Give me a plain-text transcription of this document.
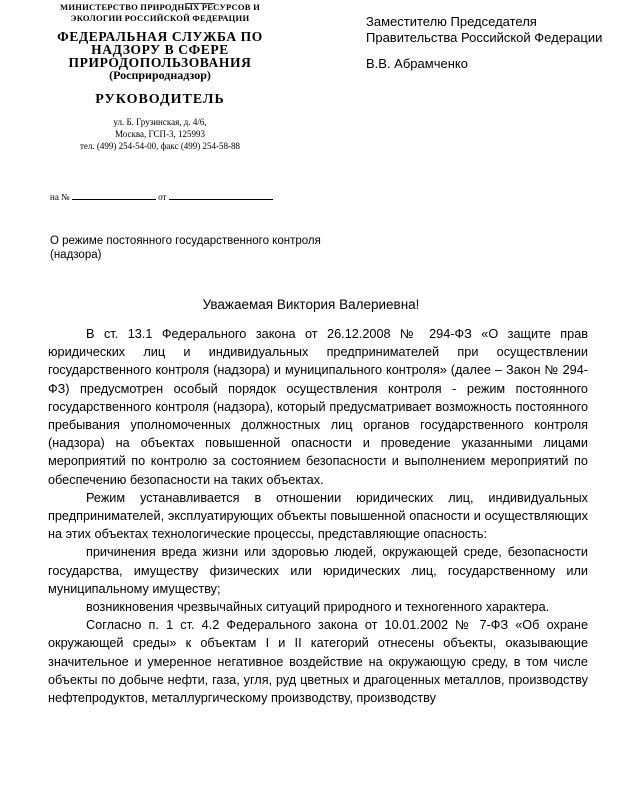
МИНИСТЕРСТВО ПРИРОДНЫХ РЕСУРСОВ И ЭКОЛОГИИ РОССИЙСКОЙ ФЕДЕРАЦИИ
ФЕДЕРАЛЬНАЯ СЛУЖБА ПО НАДЗОРУ В СФЕРЕ ПРИРОДОПОЛЬЗОВАНИЯ
(Росприроднадзор)
РУКОВОДИТЕЛЬ
ул. Б. Грузинская, д. 4/6,
Москва, ГСП-3, 125993
тел. (499) 254-54-00, факс (499) 254-58-88
на №	от
Заместителю Председателя Правительства Российской Федерации
В.В. Абрамченко
О режиме постоянного государственного контроля (надзора)
Уважаемая Виктория Валериевна!

В ст. 13.1 Федерального закона от 26.12.2008 № 294-ФЗ «О защите прав юридических лиц и индивидуальных предпринимателей при осуществлении государственного контроля (надзора) и муниципального контроля» (далее – Закон № 294-ФЗ) предусмотрен особый порядок осуществления контроля - режим постоянного государственного контроля (надзора), который предусматривает возможность постоянного пребывания уполномоченных должностных лиц органов государственного контроля (надзора) на объектах повышенной опасности и проведение указанными лицами мероприятий по контролю за состоянием безопасности и выполнением мероприятий по обеспечению безопасности на таких объектах.

Режим устанавливается в отношении юридических лиц, индивидуальных предпринимателей, эксплуатирующих объекты повышенной опасности и осуществляющих на этих объектах технологические процессы, представляющие опасность:

причинения вреда жизни или здоровью людей, окружающей среде, безопасности государства, имуществу физических или юридических лиц, государственному или муниципальному имуществу;

возникновения чрезвычайных ситуаций природного и техногенного характера.

Согласно п. 1 ст. 4.2 Федерального закона от 10.01.2002 № 7-ФЗ «Об охране окружающей среды» к объектам I и II категорий отнесены объекты, оказывающие значительное и умеренное негативное воздействие на окружающую среду, в том числе объекты по добыче нефти, газа, угля, руд цветных и драгоценных металлов, производству нефтепродуктов, металлургическому производству, производству
